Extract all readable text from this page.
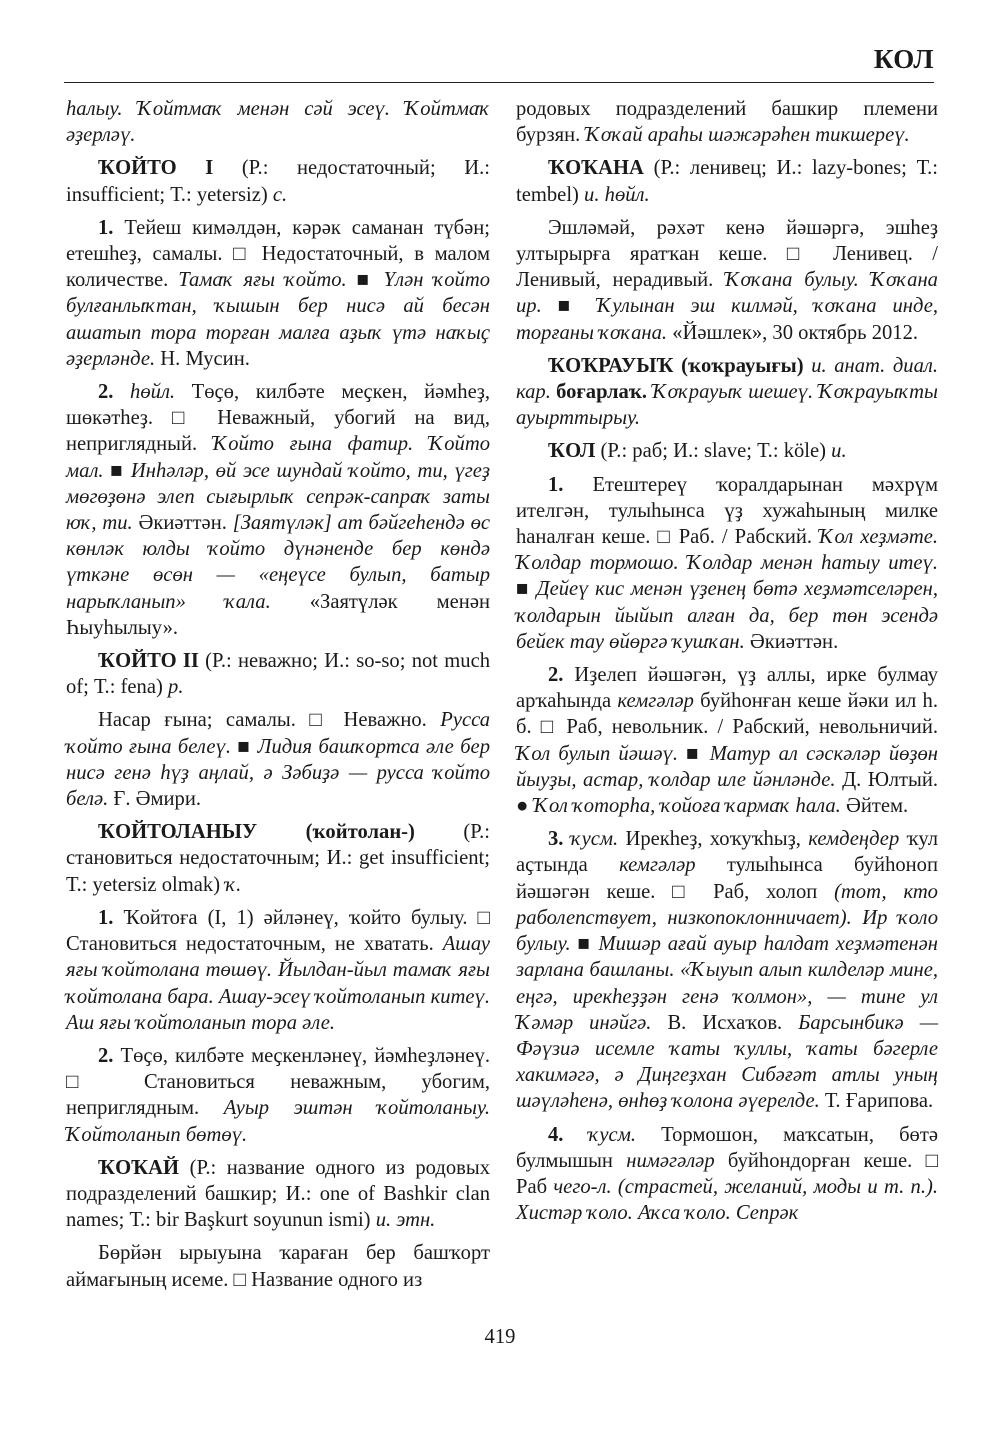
КОЛ

һалыу. Ҡойтмаҡ менән сәй эсеү. Ҡойтмаҡ әҙерләү.

ҠОЙТО I (Р.: недостаточный; И.: insufficient; Т.: yetersiz) с.

1. Тейеш кимәлдән, кәрәк саманан түбән; етешһеҙ, самалы. □ Недостаточный, в малом количестве. Тамаҡ яғы ҡойто. ■ Үлән ҡойто булғанлыҡтан, ҡышын бер нисә ай бесән ашатып тора торған малға аҙыҡ үтә наҡыҫ әҙерләнде. Н. Мусин.

2. һөйл. Төҫө, килбәте меҫкен, йәмһеҙ, шөкәтһеҙ. □ Неважный, убогий на вид, неприглядный. Ҡойто ғына фатир. Ҡойто мал. ■ Инһәләр, өй эсе шундай ҡойто, ти, үгеҙ мөгөҙөнә элеп сығырлыҡ сепрәк-сапраҡ заты юҡ, ти. Әкиәттән. [Заятүләк] ат бәйгеһендә өс көнләк юлды ҡойто дүнәненде бер көндә үткәне өсөн — «еңеүсе булып, батыр нарыҡланып» ҡала. «Заятүләк менән Һыуһылыу».

ҠОЙТО II (Р.: неважно; И.: so-so; not much of; Т.: fena) р.

Насар ғына; самалы. □ Неважно. Русса ҡойто ғына белеү. ■ Лидия башҡортса әле бер нисә генә һүҙ аңлай, ә Зәбиҙә — русса ҡойто белә. Ғ. Әмири.

ҠОЙТОЛАНЫУ (ҡойтолан-) (Р.: становиться недостаточным; И.: get insufficient; Т.: yetersiz olmak) ҡ.

1. Ҡойтоға (I, 1) әйләнеү, ҡойто булыу. □ Становиться недостаточным, не хватать. Ашау яғы ҡойтолана төшөү. Йылдан-йыл тамаҡ яғы ҡойтолана бара. Ашау-эсеү ҡойтоланып китеү. Аш яғы ҡойтоланып тора әле.

2. Төҫө, килбәте меҫкенләнеү, йәмһеҙләнеү. □ Становиться неважным, убогим, неприглядным. Ауыр эштән ҡойтоланыу. Ҡойтоланып бөтөү.

ҠОҠАЙ (Р.: название одного из родовых подразделений башкир; И.: one of Bashkir clan names; Т.: bir Başkurt soyunun ismi) и. этн.

Бөрйән ырыуына ҡараған бер башҡорт аймағының исеме. □ Название одного из

родовых подразделений башкир племени бурзян. Ҡоҡай араһы шәжәрәһен тикшереү.

ҠОҠАНА (Р.: ленивец; И.: lazy-bones; Т.: tembel) и. һөйл.

Эшләмәй, рәхәт кенә йәшәргә, эшһеҙ ултырырға яратҡан кеше. □ Ленивец. / Ленивый, нерадивый. Ҡоҡана булыу. Ҡоҡана ир. ■ Ҡулынан эш килмәй, ҡоҡана инде, торғаны ҡоҡана. «Йәшлек», 30 октябрь 2012.

ҠОҠРАУЫҠ (ҡоҡрауығы) и. анат. диал. кар. боғарлаҡ. Ҡоҡрауыҡ шешеү. Ҡоҡрауыҡты ауырттырыу.

ҠОЛ (Р.: раб; И.: slave; Т.: köle) и.

1. Етештереү ҡоралдарынан мәхрүм ителгән, тулыһынса үҙ хужаһының милке һаналған кеше. □ Раб. / Рабский. Ҡол хеҙмәте. Ҡолдар тормошо. Ҡолдар менән һатыу итеү. ■ Дейеү кис менән үҙенең бөтә хеҙмәтселәрен, ҡолдарын йыйып алған да, бер төн эсендә бейек тау өйөргә ҡушҡан. Әкиәттән.

2. Иҙелеп йәшәгән, үҙ аллы, ирке булмау арҡаһында кемгәләр буйһонған кеше йәки ил һ. б. □ Раб, невольник. / Рабский, невольничий. Ҡол булып йәшәү. ■ Матур ал сәскәләр йөҙөн йыуҙы, астар, ҡолдар иле йәнләнде. Д. Юлтый. ● Ҡол ҡоторһа, ҡойоға ҡармаҡ һала. Әйтем.

3. ҡусм. Ирекһеҙ, хоҡуҡһыҙ, кемдеңдер ҡул аҫтында кемгәләр тулыһынса буйһоноп йәшәгән кеше. □ Раб, холоп (тот, кто раболепствует, низкопоклонничает). Ир ҡоло булыу. ■ Мишәр ағай ауыр һалдат хеҙмәтенән зарлана башланы. «Ҡыуып алып килделәр мине, еңгә, ирекһеҙҙән генә ҡолмон», — тине ул Ҡәмәр инәйгә. В. Исхаҡов. Барсынбикә — Фәүзиә исемле ҡаты ҡуллы, ҡаты бәгерле хакимәгә, ә Диңгеҙхан Сибәғәт атлы уның шәүләһенә, өнһөҙ ҡолона әүерелде. Т. Ғарипова.

4. ҡусм. Тормошон, маҡсатын, бөтә булмышын нимәгәләр буйһондорған кеше. □ Раб чего-л. (страстей, желаний, моды и т. п.). Хистәр ҡоло. Аҡса ҡоло. Сепрәк

419
